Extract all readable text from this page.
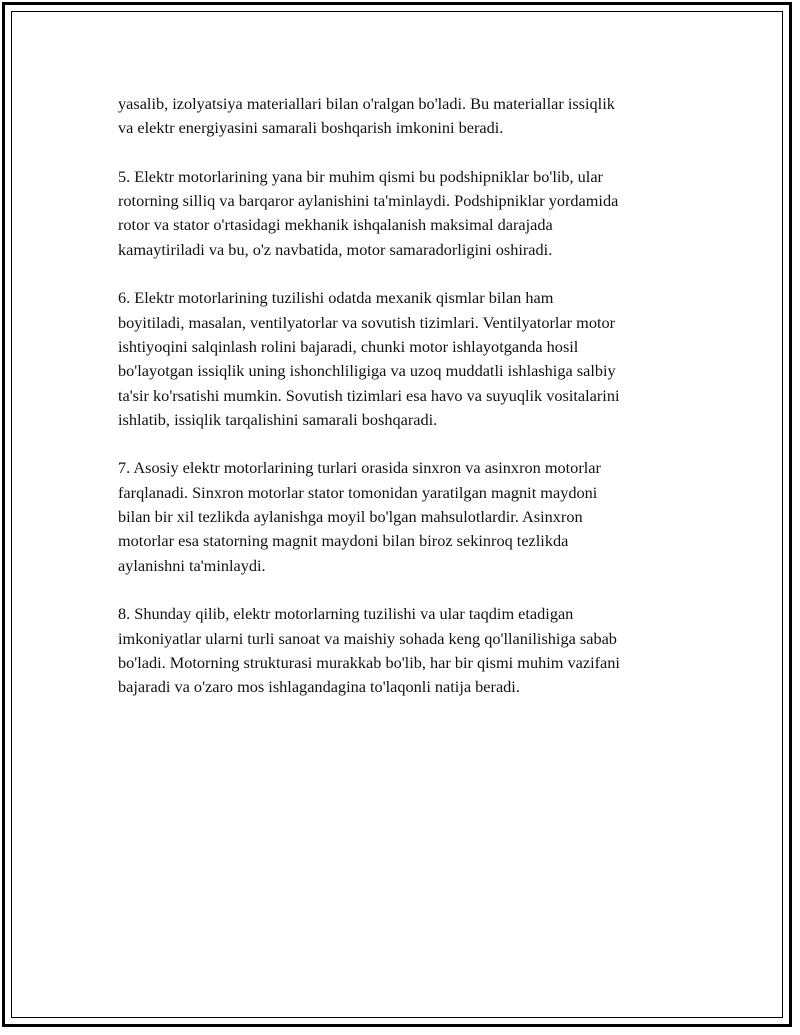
yasalib, izolyatsiya materiallari bilan o'ralgan bo'ladi. Bu materiallar issiqlik
va elektr energiyasini samarali boshqarish imkonini beradi.

5. Elektr motorlarining yana bir muhim qismi bu podshipniklar bo'lib, ular
rotorning silliq va barqaror aylanishini ta'minlaydi. Podshipniklar yordamida
rotor va stator o'rtasidagi mekhanik ishqalanish maksimal darajada
kamaytiriladi va bu, o'z navbatida, motor samaradorligini oshiradi.

6. Elektr motorlarining tuzilishi odatda mexanik qismlar bilan ham
boyitiladi, masalan, ventilyatorlar va sovutish tizimlari. Ventilyatorlar motor
ishtiyoqini salqinlash rolini bajaradi, chunki motor ishlayotganda hosil
bo'layotgan issiqlik uning ishonchliligiga va uzoq muddatli ishlashiga salbiy
ta'sir ko'rsatishi mumkin. Sovutish tizimlari esa havo va suyuqlik vositalarini
ishlatib, issiqlik tarqalishini samarali boshqaradi.

7. Asosiy elektr motorlarining turlari orasida sinxron va asinxron motorlar
farqlanadi. Sinxron motorlar stator tomonidan yaratilgan magnit maydoni
bilan bir xil tezlikda aylanishga moyil bo'lgan mahsulotlardir. Asinxron
motorlar esa statorning magnit maydoni bilan biroz sekinroq tezlikda
aylanishni ta'minlaydi.

8. Shunday qilib, elektr motorlarning tuzilishi va ular taqdim etadigan
imkoniyatlar ularni turli sanoat va maishiy sohada keng qo'llanilishiga sabab
bo'ladi. Motorning strukturasi murakkab bo'lib, har bir qismi muhim vazifani
bajaradi va o'zaro mos ishlagandagina to'laqonli natija beradi.
